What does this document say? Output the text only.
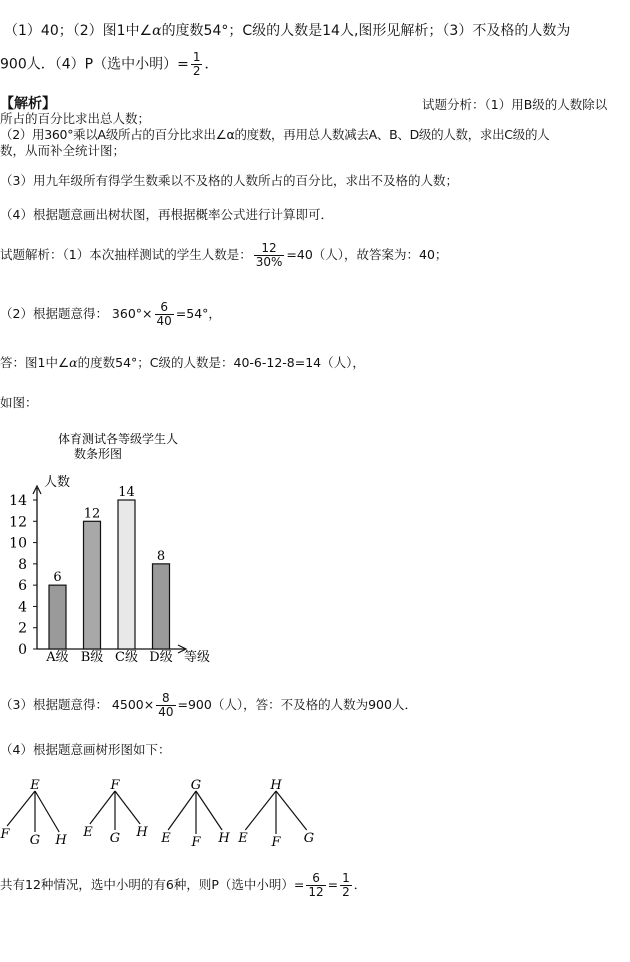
（1）40；（2）图1中∠α的度数54°；C级的人数是14人,图形见解析；（3）不及格的人数为
900人．（4）P（选中小明）= $\frac{1}{2}$ ．
【解析】	试题分析：（1）用B级的人数除以
所占的百分比求出总人数；
（2）用360°乘以A级所占的百分比求出∠α的度数，再用总人数减去A、B、D级的人数，求出C级的人
数，从而补全统计图；
（3）用九年级所有得学生数乘以不及格的人数所占的百分比，求出不及格的人数；
（4）根据题意画出树状图，再根据概率公式进行计算即可．
试题解析：（1）本次抽样测试的学生人数是： $\frac{12}{30\%} =40$（人），故答案为：40；
（2）根据题意得： $360^\circ\times \frac{6}{40} =54^\circ$，
答：图1中∠α的度数54°；C级的人数是：40-6-12-8=14（人），
如图：
体育测试各等级学生人
数条形图
人数
等级
0
2
4
6
8
10
12
14
6
A级
12
B级
14
C级
8
D级
（3）根据题意得： $4500\times \frac{8}{40} =900$（人），答：不及格的人数为900人．
（4）根据题意画树形图如下：
E
F G H
F
E G H
G
E F H
H
E F G
共有12种情况，选中小明的有6种，则P（选中小明）= $\frac{6}{12} = \frac{1}{2}$ ．
